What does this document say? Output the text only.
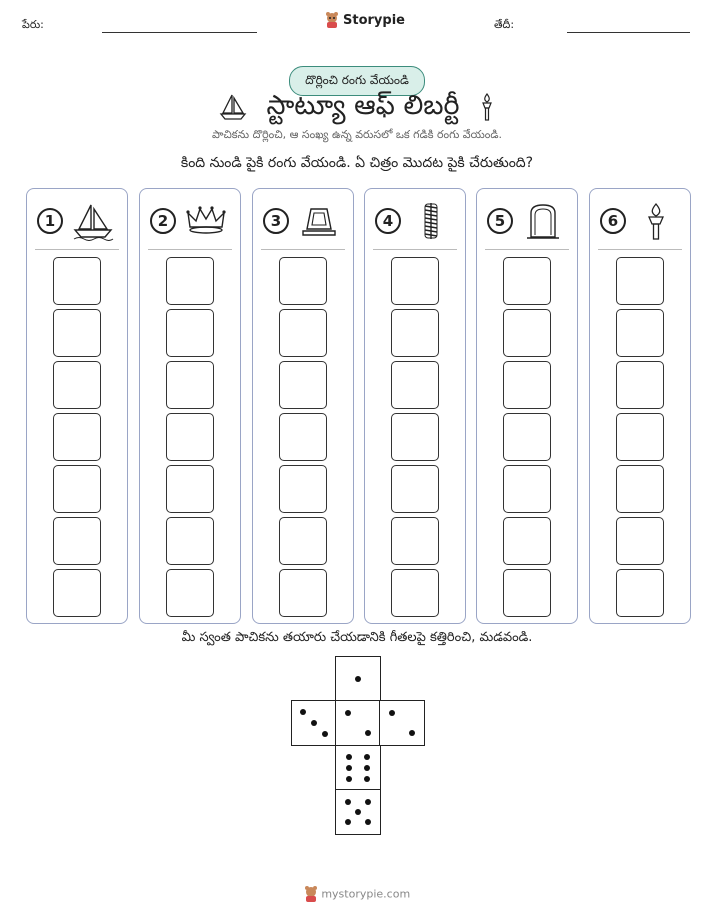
పేరు:	Storypie	తేదీ:
దొర్లించి రంగు వేయండి
స్టాట్యూ ఆఫ్ లిబర్టీ
పాచికను దొర్లించి, ఆ సంఖ్య ఉన్న వరుసలో ఒక గడికి రంగు వేయండి.
కింది నుండి పైకి రంగు వేయండి. ఏ చిత్రం మొదట పైకి చేరుతుంది?
1	2	3	4	5	6
మీ స్వంత పాచికను తయారు చేయడానికి గీతలపై కత్తిరించి, మడవండి.
mystorypie.com
